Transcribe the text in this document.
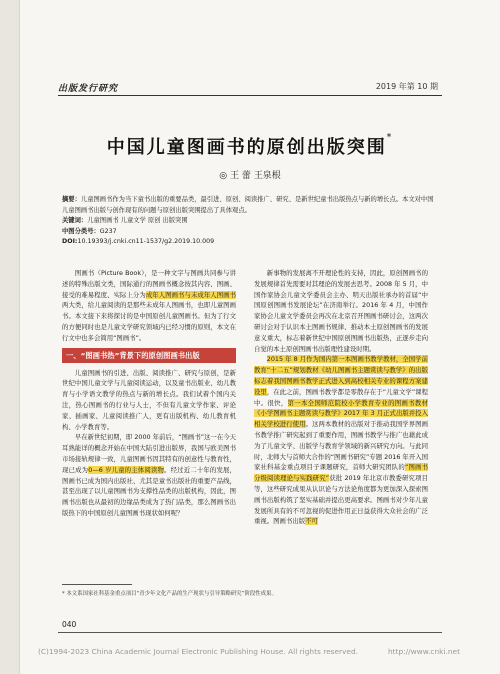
出版发行研究	2019 年第 10 期
中国儿童图画书的原创出版突围*
◎ 王 蕾 王泉根
摘要：儿童图画书作为当下童书出版的重要品类，最引进、原创、阅读推广、研究、是新世纪童书出版热点与新的增长点。本文对中国儿童图画书出版与创作现有的问题与原创出版突围提出了具体观点。
关键词：儿童图画书 儿童文学 原创 出版突围
中图分类号：G237
DOI:10.19393/j.cnki.cn11-1537/g2.2019.10.009

图画书（Picture Book），是一种文字与图画共同参与讲述的特殊出版文类，国际通行的图画书概念按其内容、图画、接受的难易程度、实际上分为成年人图画书与未成年人图画书两大类，给儿童阅读的是那些未成年人图画书，也即儿童图画书。本文接下来将探讨的是中国原创儿童图画书。但为了行文的方便同时也是儿童文学研究领域内已经习惯的原则，本文在行文中也多会简用“图画书”。

一、“图画书热”背景下的原创图画书出版

儿童图画书的引进、出版、阅读推广、研究与原创，是新世纪中国儿童文学与儿童阅读运动，以及童书出版业、幼儿教育与小学语文教学的热点与新的增长点。我们试着个国内关注，热心图画书的行业与人士，不但有儿童文学作家、评论家、插画家、儿童阅读推广人，更有出版机构、幼儿教育机构、小学教育等。

早在新世纪初期，即 2000 年前后，“图画书”这一在今天耳熟能详的概念开始在中国大陆引进出版界，我国与欧美图书市场接轨规律一致，儿童图画书因其特有的创意性与教育性，现已成为0—6 岁儿童的主体阅读物。经过近二十年的发展，图画书已成为国内出版社、尤其是童书出版社的重要产品线，甚至出现了以儿童图画书为支撑性品类的出版机构，因此，图画书出版也从最初的边缘品类成为了热门品类，那么图画书出版热下的中国原创儿童图画书现状如何呢？

新事物的发展离不开理论性的支持，因此，原创图画书的发展规律首先需要对其理论的发展去思考。2008 年 5 月，中国作家协会儿童文学委员会主办、明天出版社承办的首届“中国原创图画书发展论坛”在济南举行。2016 年 4 月，中国作家协会儿童文学委员会再次在北京召开图画书研讨会，这两次研讨会对于认识本土图画书规律、推动本土原创图画书的发展意义重大，标志着新世纪中国原创图画书出版热，正逐步走向自觉的本土原创图画书出版理性建设时期。

2015 年 8 月作为国内第一本图画书教学教材，全国学前教育“十二五”规划教材《幼儿图画书主题赏读与教学》的出版标志着我国图画书教学正式进入到高校相关专业的课程方案建设里，在此之前，图画书教学都是零散存在于“儿童文学”课程中。很快，第一本全国师范院校小学教育专业的图画书教材《小学图画书主题赏读与教学》2017 年 3 月正式出版并投入相关学校进行使用。这两本教材的出版对于推动我国学界图画书教学推广研究起到了重要作用，图画书教学与推广也藉此成为了儿童文学、出版学与教育学领域的新兴研究方向。与此同时，北师大与首师大合作的“图画书研究”专题 2016 年开入国家社科基金重点项目子课题研究，首师大研究团队的“图画书分级阅读理论与实践研究”获批 2019 年北京市教委研究项目等，这些研究成果从认识论与方法论角度都为更加深入探索图画书出版构筑了坚实基础并提出更高要求。图画书对少年儿童发展所具有的不可忽视的促进作用正日益获得大众社会的广泛重视。图画书出版不可

* 本文系国家社科基金重点项目“青少年文化产品的生产现状与引导策略研究”阶段性成果。
040
(C)1994-2023 China Academic Journal Electronic Publishing House. All rights reserved.	http://www.cnki.net
